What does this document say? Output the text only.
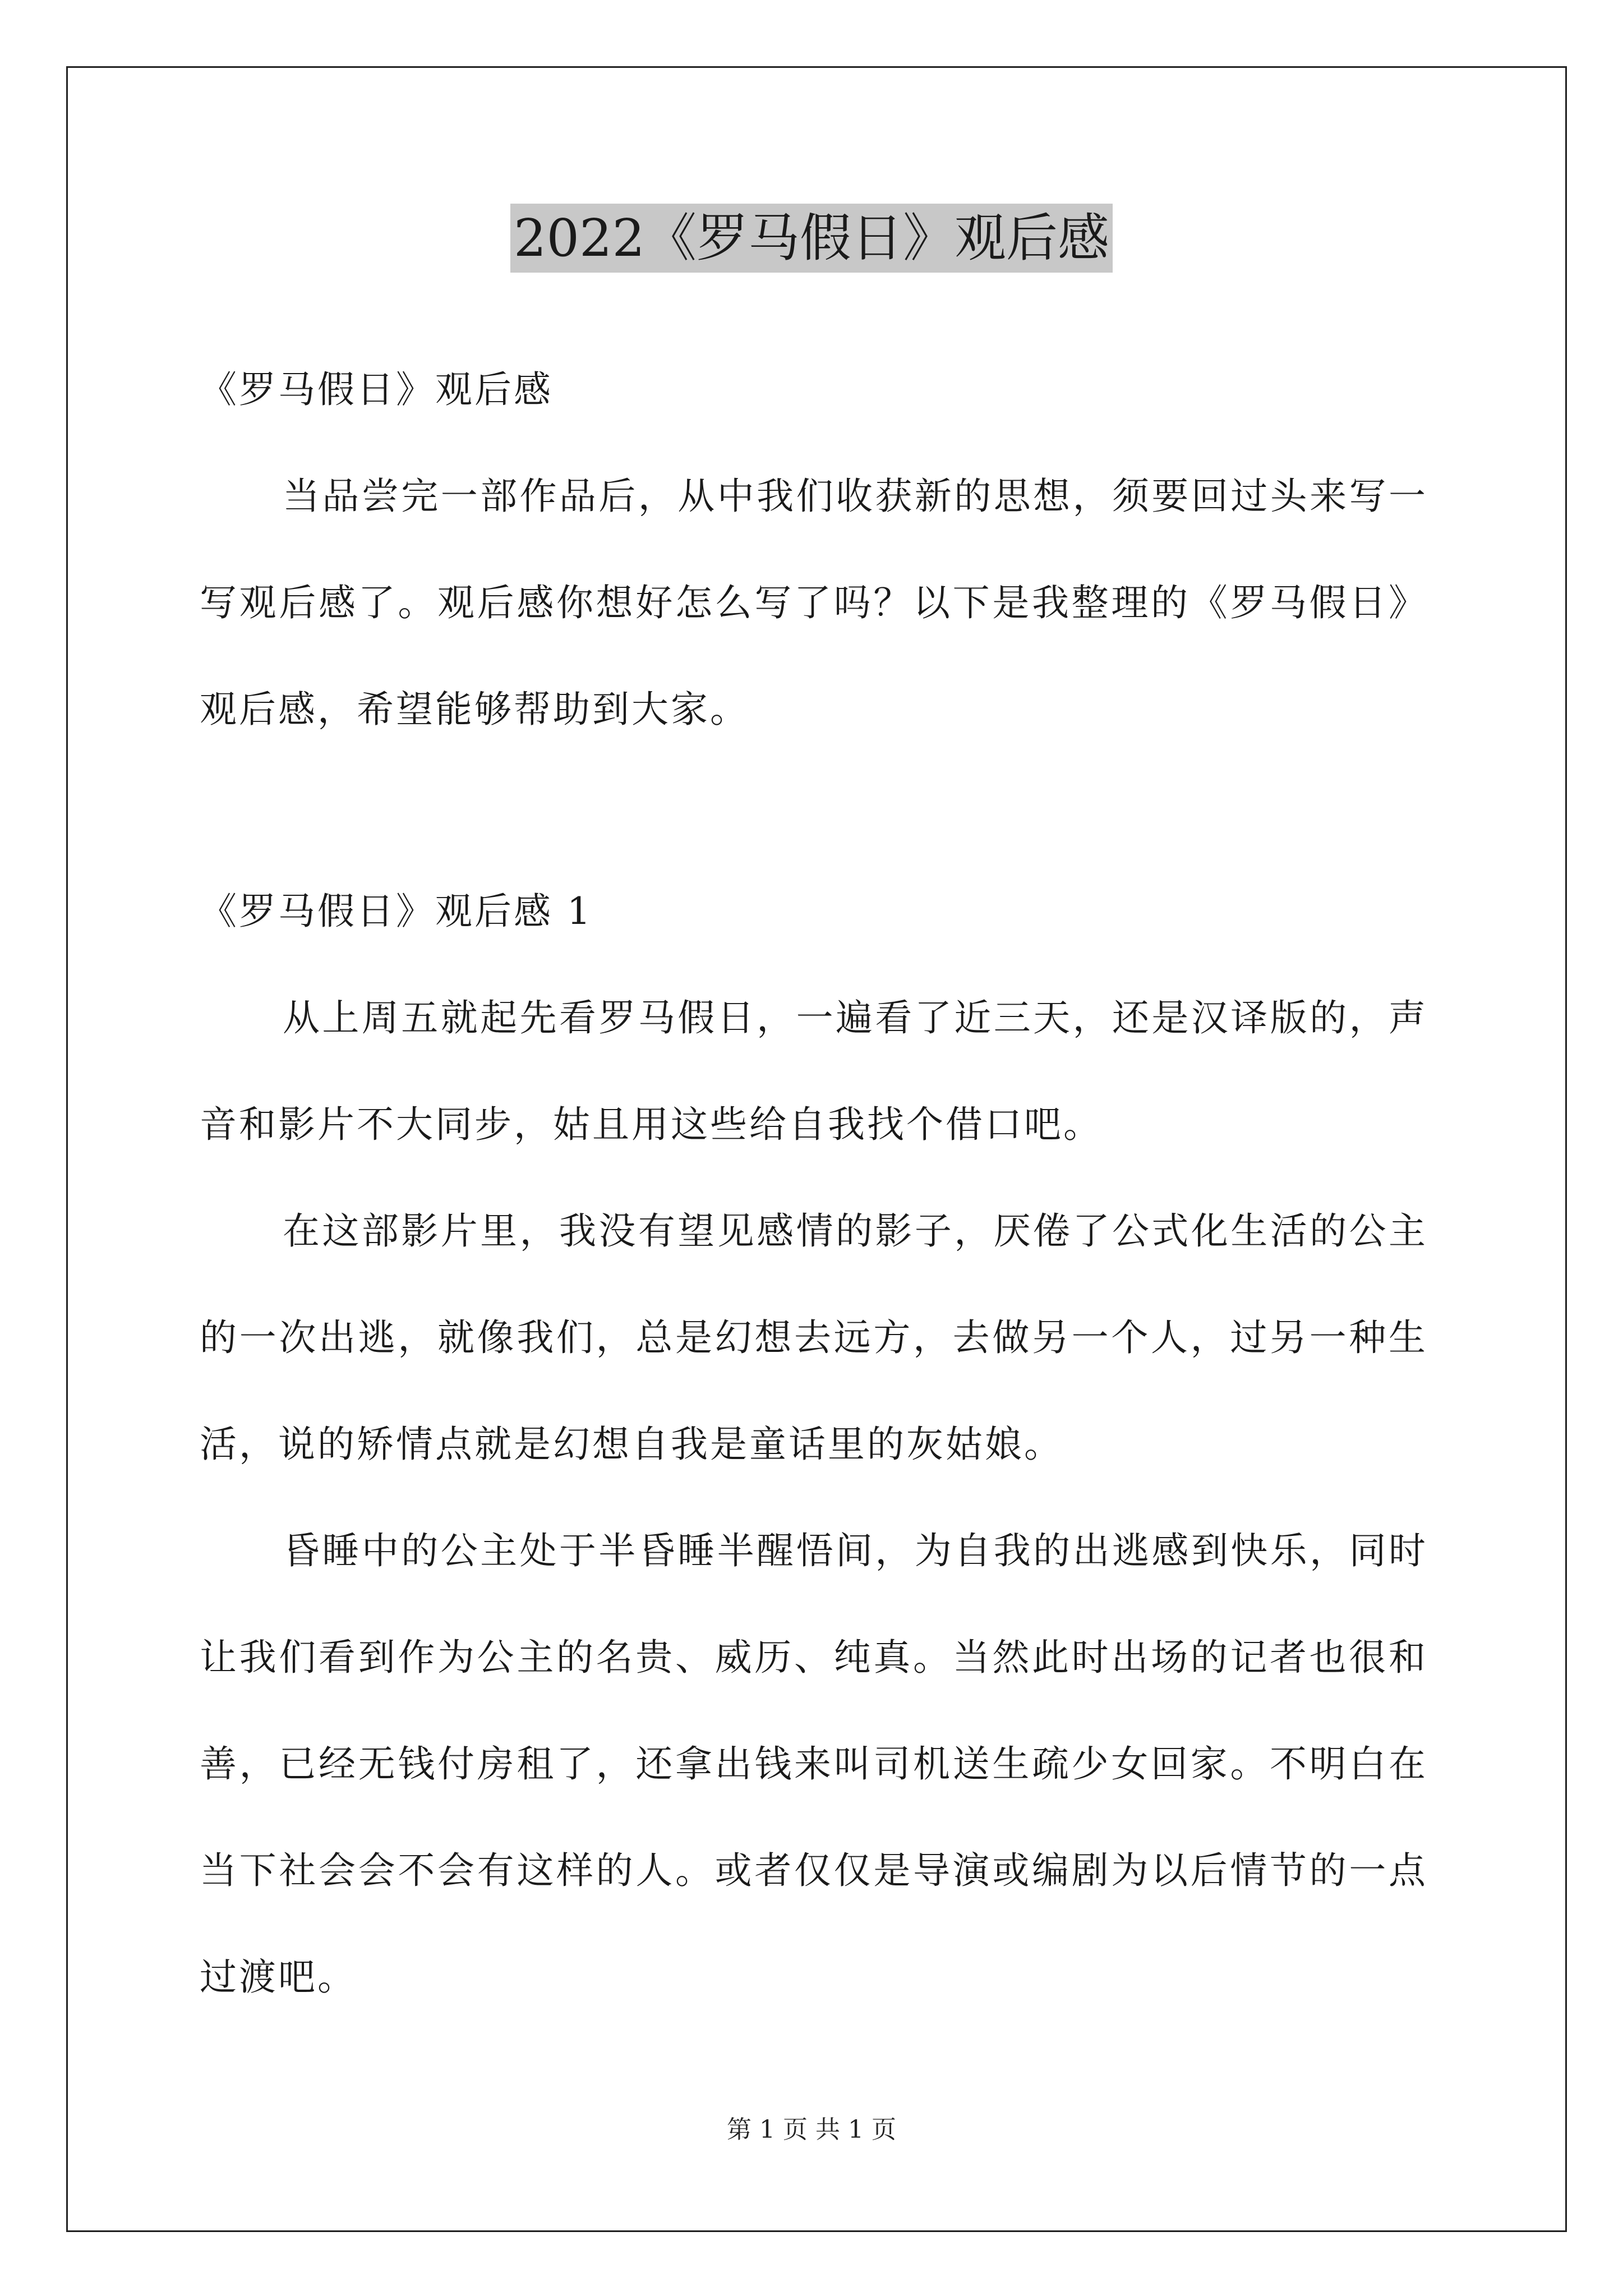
2022《罗马假日》观后感

《罗马假日》观后感

当品尝完一部作品后，从中我们收获新的思想，须要回过头来写一写观后感了。观后感你想好怎么写了吗？以下是我整理的《罗马假日》观后感，希望能够帮助到大家。

《罗马假日》观后感 1

从上周五就起先看罗马假日，一遍看了近三天，还是汉译版的，声音和影片不大同步，姑且用这些给自我找个借口吧。

在这部影片里，我没有望见感情的影子，厌倦了公式化生活的公主的一次出逃，就像我们，总是幻想去远方，去做另一个人，过另一种生活，说的矫情点就是幻想自我是童话里的灰姑娘。

昏睡中的公主处于半昏睡半醒悟间，为自我的出逃感到快乐，同时让我们看到作为公主的名贵、威历、纯真。当然此时出场的记者也很和善，已经无钱付房租了，还拿出钱来叫司机送生疏少女回家。不明白在当下社会会不会有这样的人。或者仅仅是导演或编剧为以后情节的一点过渡吧。

第 1 页 共 1 页
